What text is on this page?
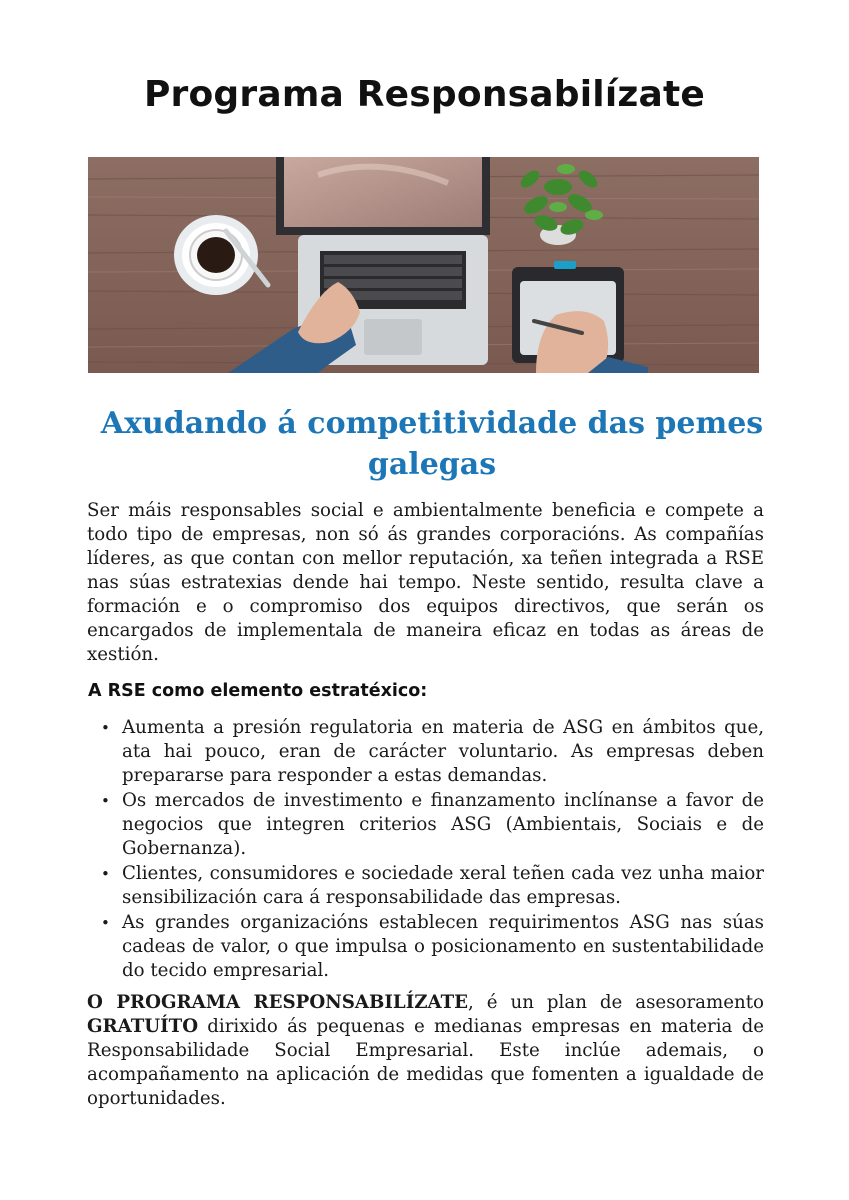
Programa Responsabilízate
Axudando á competitividade das pemes galegas

Ser máis responsables social e ambientalmente beneficia e compete a todo tipo de empresas, non só ás grandes corporacións. As compañías líderes, as que contan con mellor reputación, xa teñen integrada a RSE nas súas estratexias dende hai tempo. Neste sentido, resulta clave a formación e o compromiso dos equipos directivos, que serán os encargados de implementala de maneira eficaz en todas as áreas de xestión.

A RSE como elemento estratéxico:
• Aumenta a presión regulatoria en materia de ASG en ámbitos que, ata hai pouco, eran de carácter voluntario. As empresas deben prepararse para responder a estas demandas.
• Os mercados de investimento e finanzamento inclínanse a favor de negocios que integren criterios ASG (Ambientais, Sociais e de Gobernanza).
• Clientes, consumidores e sociedade xeral teñen cada vez unha maior sensibilización cara á responsabilidade das empresas.
• As grandes organizacións establecen requirimentos ASG nas súas cadeas de valor, o que impulsa o posicionamento en sustentabilidade do tecido empresarial.

O PROGRAMA RESPONSABILÍZATE, é un plan de asesoramento GRATUÍTO dirixido ás pequenas e medianas empresas en materia de Responsabilidade Social Empresarial. Este inclúe ademais, o acompañamento na aplicación de medidas que fomenten a igualdade de oportunidades.
